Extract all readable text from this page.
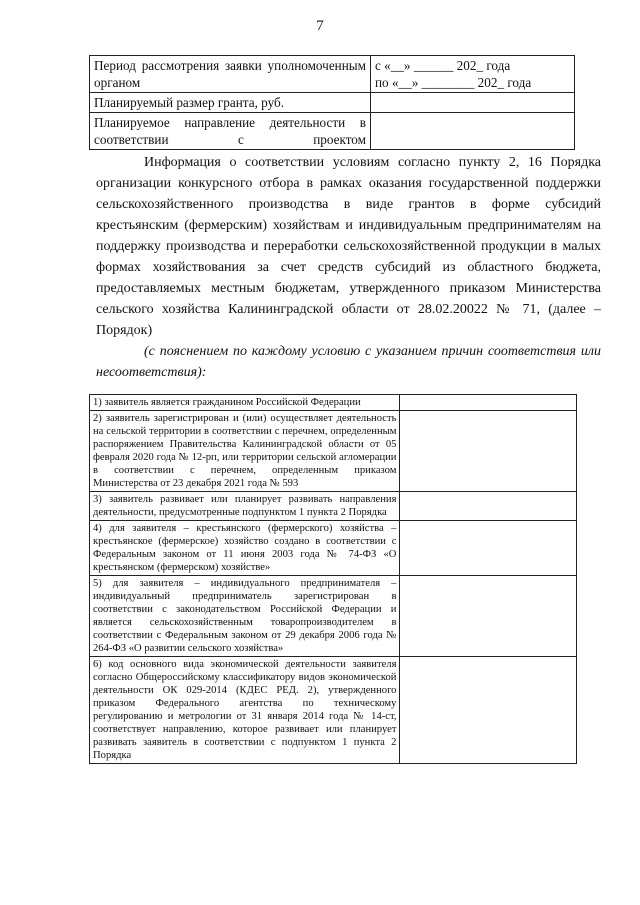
7
Период рассмотрения заявки уполномоченным органом	с «__» ______ 202_ года
по «__» ________ 202_ года

Планируемый размер гранта, руб.	
Планируемое направление деятельности в соответствии с проектом	

Информация о соответствии условиям согласно пункту 2, 16 Порядка организации конкурсного отбора в рамках оказания государственной поддержки сельскохозяйственного производства в виде грантов в форме субсидий крестьянским (фермерским) хозяйствам и индивидуальным предпринимателям на поддержку производства и переработки сельскохозяйственной продукции в малых формах хозяйствования за счет средств субсидий из областного бюджета, предоставляемых местным бюджетам, утвержденного приказом Министерства сельского хозяйства Калининградской области от 28.02.20022 № 71, (далее – Порядок)

(с пояснением по каждому условию с указанием причин соответствия или несоответствия):

1) заявитель является гражданином Российской Федерации	
2) заявитель зарегистрирован и (или) осуществляет деятельность на сельской территории в соответствии с перечнем, определенным распоряжением Правительства Калининградской области от 05 февраля 2020 года № 12-рп, или территории сельской агломерации в соответствии с перечнем, определенным приказом Министерства от 23 декабря 2021 года № 593	
3) заявитель развивает или планирует развивать направления деятельности, предусмотренные подпунктом 1 пункта 2 Порядка	
4) для заявителя – крестьянского (фермерского) хозяйства – крестьянское (фермерское) хозяйство создано в соответствии с Федеральным законом от 11 июня 2003 года № 74-ФЗ «О крестьянском (фермерском) хозяйстве»	
5) для заявителя – индивидуального предпринимателя – индивидуальный предприниматель зарегистрирован в соответствии с законодательством Российской Федерации и является сельскохозяйственным товаропроизводителем в соответствии с Федеральным законом от 29 декабря 2006 года № 264-ФЗ «О развитии сельского хозяйства»	
6) код основного вида экономической деятельности заявителя согласно Общероссийскому классификатору видов экономической деятельности ОК 029-2014 (КДЕС РЕД. 2), утвержденного приказом Федерального агентства по техническому регулированию и метрологии от 31 января 2014 года № 14-ст, соответствует направлению, которое развивает или планирует развивать заявитель в соответствии с подпунктом 1 пункта 2 Порядка	
